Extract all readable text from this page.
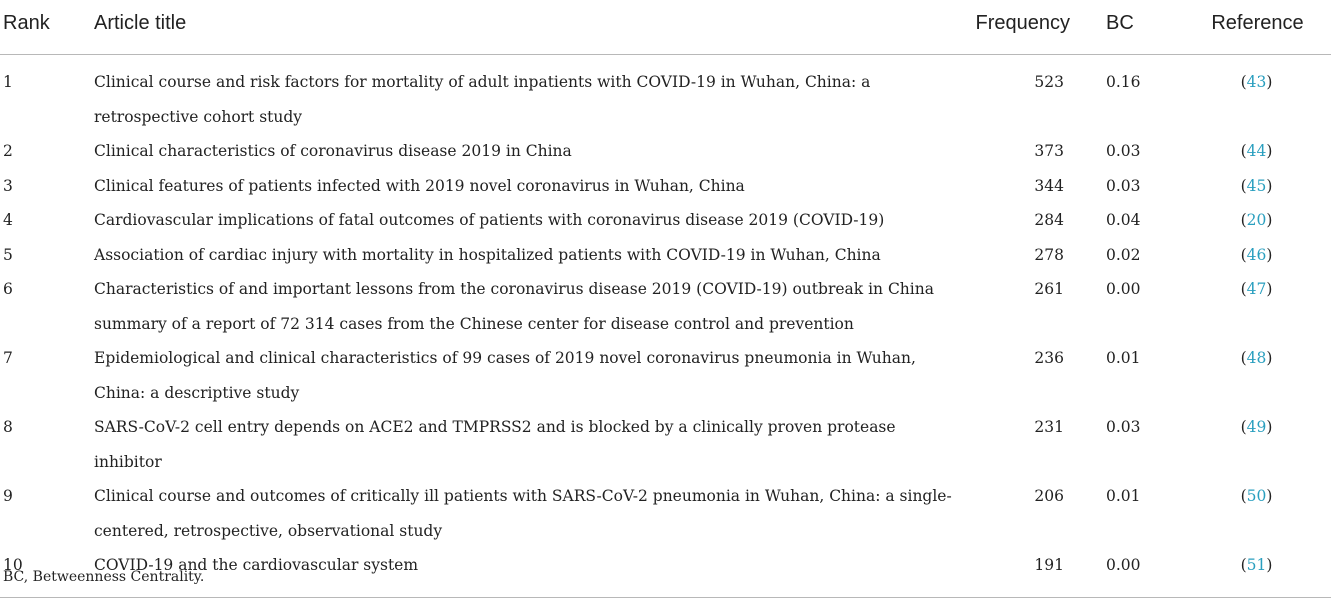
Rank	Article title	Frequency	BC	Reference
1	Clinical course and risk factors for mortality of adult inpatients with COVID-19 in Wuhan, China: a retrospective cohort study	523	0.16	(43)
2	Clinical characteristics of coronavirus disease 2019 in China	373	0.03	(44)
3	Clinical features of patients infected with 2019 novel coronavirus in Wuhan, China	344	0.03	(45)
4	Cardiovascular implications of fatal outcomes of patients with coronavirus disease 2019 (COVID-19)	284	0.04	(20)
5	Association of cardiac injury with mortality in hospitalized patients with COVID-19 in Wuhan, China	278	0.02	(46)
6	Characteristics of and important lessons from the coronavirus disease 2019 (COVID-19) outbreak in China summary of a report of 72 314 cases from the Chinese center for disease control and prevention	261	0.00	(47)
7	Epidemiological and clinical characteristics of 99 cases of 2019 novel coronavirus pneumonia in Wuhan, China: a descriptive study	236	0.01	(48)
8	SARS-CoV-2 cell entry depends on ACE2 and TMPRSS2 and is blocked by a clinically proven protease inhibitor	231	0.03	(49)
9	Clinical course and outcomes of critically ill patients with SARS-CoV-2 pneumonia in Wuhan, China: a single-centered, retrospective, observational study	206	0.01	(50)
10	COVID-19 and the cardiovascular system	191	0.00	(51)
BC, Betweenness Centrality.
